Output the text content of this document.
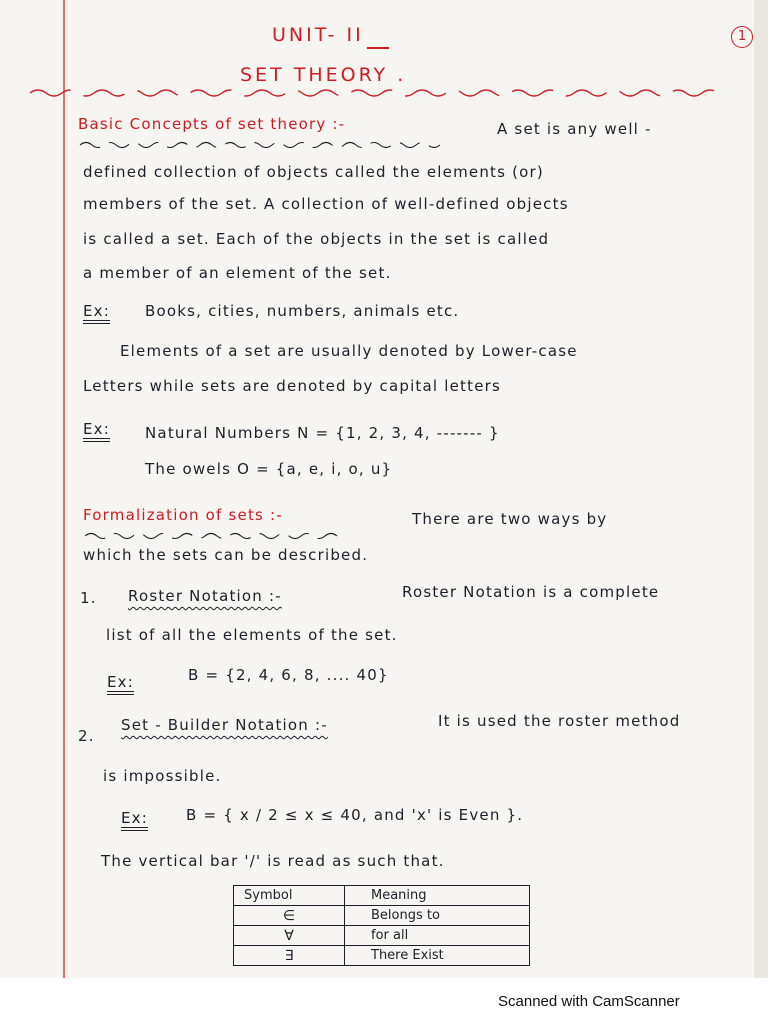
UNIT- II	1
SET THEORY .
Basic Concepts of set theory :-	A set is any well -
defined collection of objects called the elements (or)
members of the set. A collection of well-defined objects
is called a set. Each of the objects in the set is called
a member of an element of the set.
Ex: Books, cities, numbers, animals etc.
Elements of a set are usually denoted by Lower-case
Letters while sets are denoted by capital letters
Ex: Natural Numbers N = {1, 2, 3, 4, ------- }
The owels O = {a, e, i, o, u}
Formalization of sets :-	There are two ways by
which the sets can be described.
1. Roster Notation :-	Roster Notation is a complete
list of all the elements of the set.
Ex:	B = {2, 4, 6, 8, .... 40}
2.
Set - Builder Notation :-	It is used the roster method
is impossible.
Ex:	B = { x / 2 ≤ x ≤ 40, and 'x' is Even }.
The vertical bar '/' is read as such that.
Symbol	Meaning
∈	Belongs to
∀	for all
∃	There Exist
Scanned with CamScanner
